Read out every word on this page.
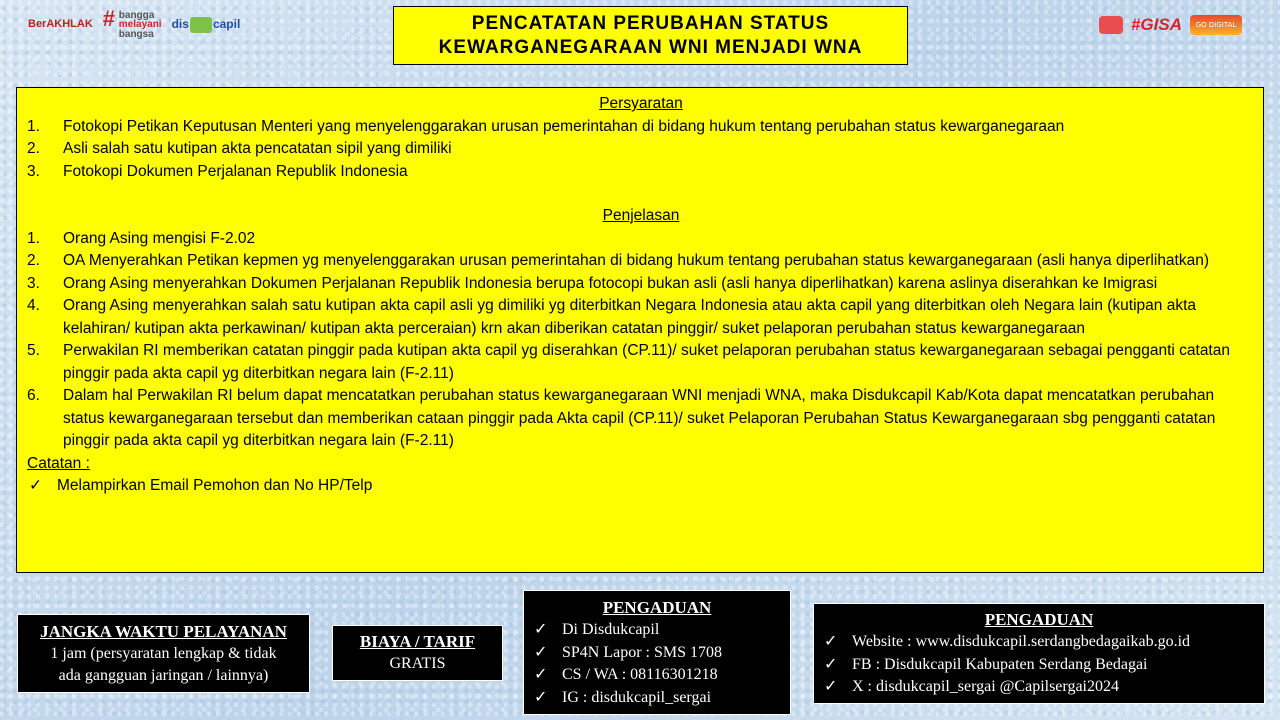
BerAKHLAK # bangga
melayani
bangsa
dis capil	#GISA	GO DIGITAL
PENCATATAN PERUBAHAN STATUS
KEWARGANEGARAAN WNI MENJADI WNA
Persyaratan
1. Fotokopi Petikan Keputusan Menteri yang menyelenggarakan urusan pemerintahan di bidang hukum tentang perubahan status kewarganegaraan
2. Asli salah satu kutipan akta pencatatan sipil yang dimiliki
3. Fotokopi Dokumen Perjalanan Republik Indonesia
Penjelasan
1. Orang Asing mengisi F-2.02
2. OA Menyerahkan Petikan kepmen yg menyelenggarakan urusan pemerintahan di bidang hukum tentang perubahan status kewarganegaraan (asli hanya diperlihatkan)
3. Orang Asing menyerahkan Dokumen Perjalanan Republik Indonesia berupa fotocopi bukan asli (asli hanya diperlihatkan) karena aslinya diserahkan ke Imigrasi
4. Orang Asing menyerahkan salah satu kutipan akta capil asli yg dimiliki yg diterbitkan Negara Indonesia atau akta capil yang diterbitkan oleh Negara lain (kutipan akta kelahiran/ kutipan akta perkawinan/ kutipan akta perceraian) krn akan diberikan catatan pinggir/ suket pelaporan perubahan status kewarganegaraan
5. Perwakilan RI memberikan catatan pinggir pada kutipan akta capil yg diserahkan (CP.11)/ suket pelaporan perubahan status kewarganegaraan sebagai pengganti catatan pinggir pada akta capil yg diterbitkan negara lain (F-2.11)
6. Dalam hal Perwakilan RI belum dapat mencatatkan perubahan status kewarganegaraan WNI menjadi WNA, maka Disdukcapil Kab/Kota dapat mencatatkan perubahan status kewarganegaraan tersebut dan memberikan cataan pinggir pada Akta capil (CP.11)/ suket Pelaporan Perubahan Status Kewarganegaraan sbg pengganti catatan pinggir pada akta capil yg diterbitkan negara lain (F-2.11)
Catatan :
✓ Melampirkan Email Pemohon dan No HP/Telp
JANGKA WAKTU PELAYANAN
1 jam (persyaratan lengkap & tidak
ada gangguan jaringan / lainnya)
BIAYA / TARIF
GRATIS
PENGADUAN
✓ Di Disdukcapil
✓ SP4N Lapor : SMS 1708
✓ CS / WA : 08116301218
✓ IG : disdukcapil_sergai
PENGADUAN
✓ Website : www.disdukcapil.serdangbedagaikab.go.id
✓ FB : Disdukcapil Kabupaten Serdang Bedagai
✓ X : disdukcapil_sergai @Capilsergai2024
